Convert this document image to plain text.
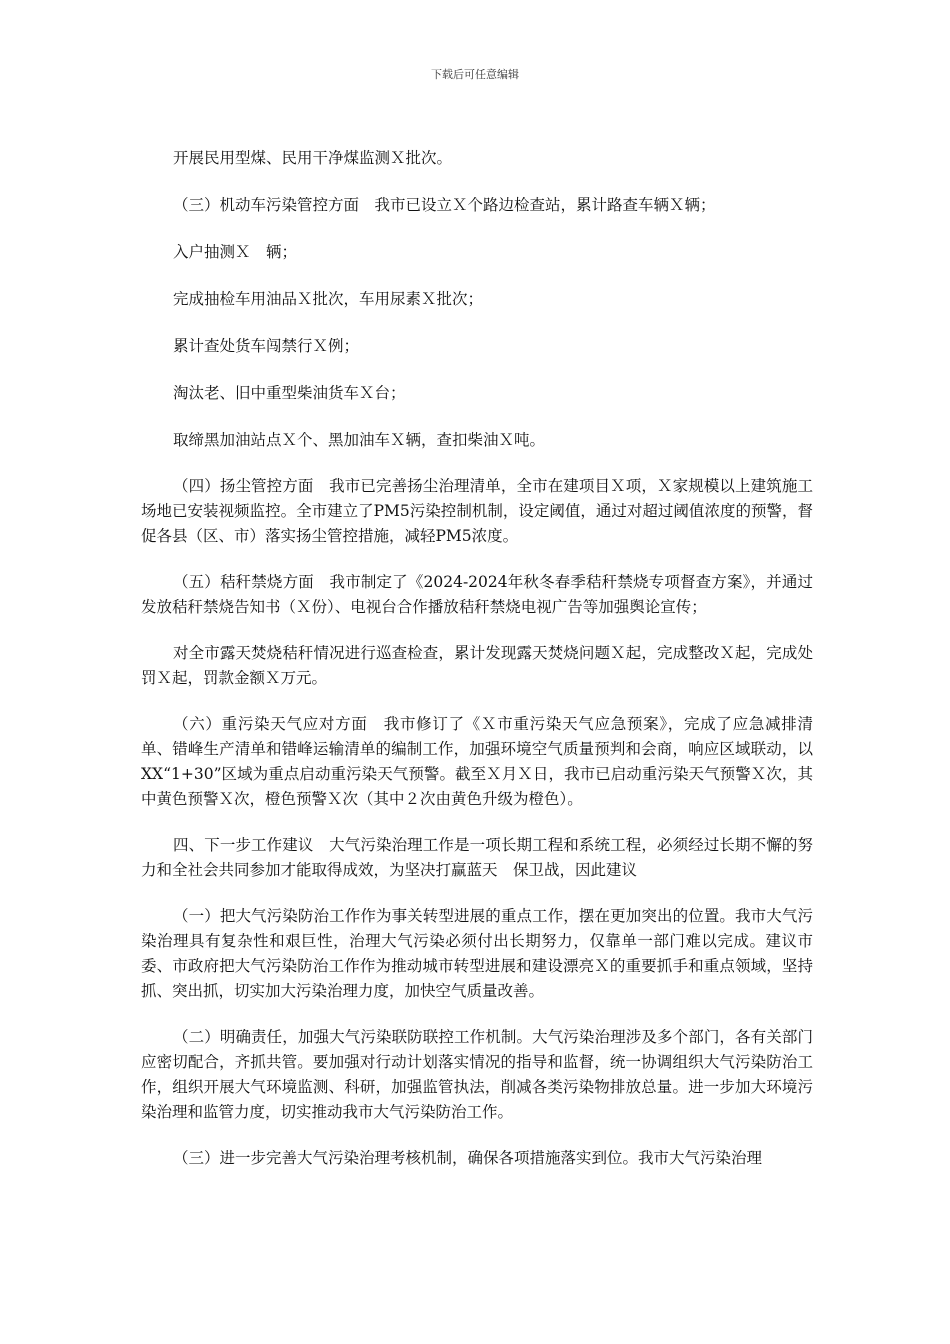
下载后可任意编辑

开展民用型煤、民用干净煤监测Ｘ批次。

（三）机动车污染管控方面　我市已设立Ｘ个路边检查站，累计路查车辆Ｘ辆；

入户抽测Ｘ　辆；

完成抽检车用油品Ｘ批次，车用尿素Ｘ批次；

累计查处货车闯禁行Ｘ例；

淘汰老、旧中重型柴油货车Ｘ台；

取缔黑加油站点Ｘ个、黑加油车Ｘ辆，查扣柴油Ｘ吨。

（四）扬尘管控方面　我市已完善扬尘治理清单，全市在建项目Ｘ项，Ｘ家规模以上建筑施工场地已安装视频监控。全市建立了PM5污染控制机制，设定阈值，通过对超过阈值浓度的预警，督促各县（区、市）落实扬尘管控措施，减轻PM5浓度。

（五）秸秆禁烧方面　我市制定了《2024-2024年秋冬春季秸秆禁烧专项督查方案》，并通过发放秸秆禁烧告知书（Ｘ份）、电视台合作播放秸秆禁烧电视广告等加强舆论宣传；

对全市露天焚烧秸秆情况进行巡查检查，累计发现露天焚烧问题Ｘ起，完成整改Ｘ起，完成处罚Ｘ起，罚款金额Ｘ万元。

（六）重污染天气应对方面　我市修订了《Ｘ市重污染天气应急预案》，完成了应急减排清单、错峰生产清单和错峰运输清单的编制工作，加强环境空气质量预判和会商，响应区域联动，以XX“1+30”区域为重点启动重污染天气预警。截至Ｘ月Ｘ日，我市已启动重污染天气预警Ｘ次，其中黄色预警Ｘ次，橙色预警Ｘ次（其中２次由黄色升级为橙色）。

四、下一步工作建议　大气污染治理工作是一项长期工程和系统工程，必须经过长期不懈的努力和全社会共同参加才能取得成效，为坚决打赢蓝天　保卫战，因此建议

（一）把大气污染防治工作作为事关转型进展的重点工作，摆在更加突出的位置。我市大气污染治理具有复杂性和艰巨性，治理大气污染必须付出长期努力，仅靠单一部门难以完成。建议市委、市政府把大气污染防治工作作为推动城市转型进展和建设漂亮Ｘ的重要抓手和重点领域，坚持抓、突出抓，切实加大污染治理力度，加快空气质量改善。

（二）明确责任，加强大气污染联防联控工作机制。大气污染治理涉及多个部门，各有关部门应密切配合，齐抓共管。要加强对行动计划落实情况的指导和监督，统一协调组织大气污染防治工作，组织开展大气环境监测、科研，加强监管执法，削减各类污染物排放总量。进一步加大环境污染治理和监管力度，切实推动我市大气污染防治工作。

（三）进一步完善大气污染治理考核机制，确保各项措施落实到位。我市大气污染治理
